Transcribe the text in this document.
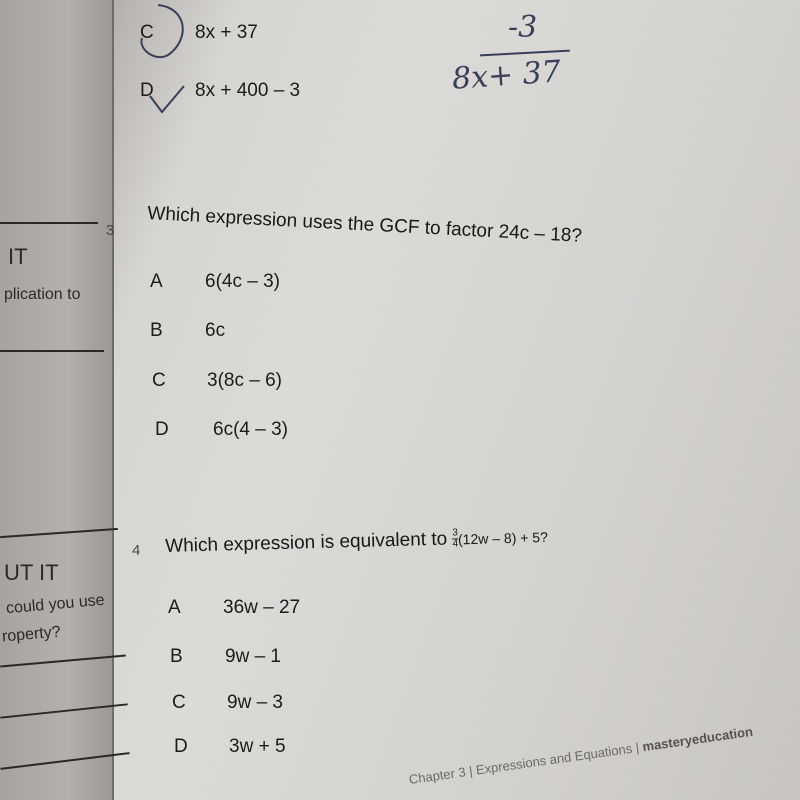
IT
plication to
UT IT
could you use
roperty?
C	8x + 37
D	8x + 400 – 3
-3
8x+ 37
3 Which expression uses the GCF to factor 24c – 18?
A	6(4c – 3)
B	6c
C	3(8c – 6)
D	6c(4 – 3)
4 Which expression is equivalent to $\frac{3}{4} (12w - 8) + 5$?
A	36w – 27
B	9w – 1
C	9w – 3
D	3w + 5	Chapter 3 | Expressions and Equations | masteryeducation
